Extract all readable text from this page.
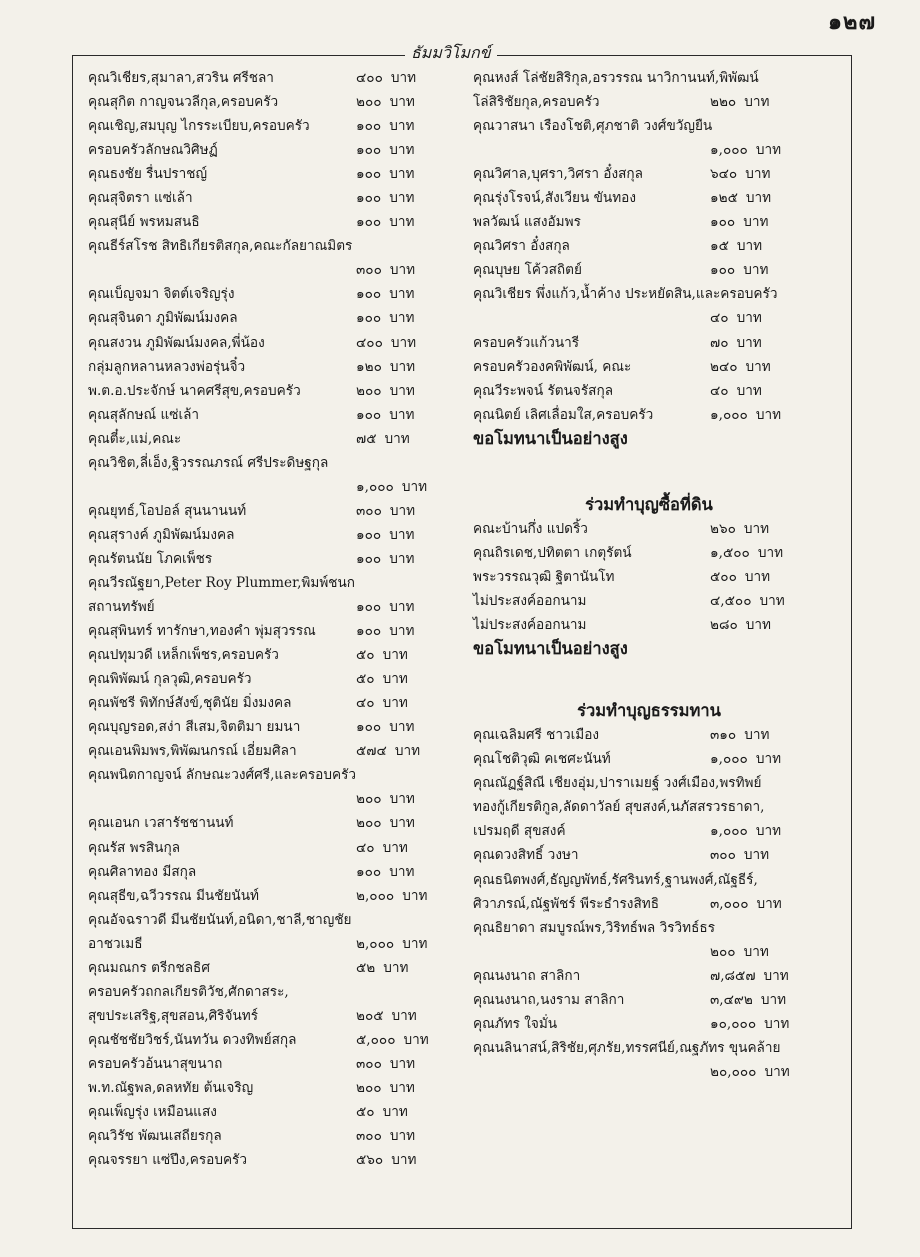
๑๒๗
ธัมมวิโมกข์
คุณวิเชียร,สุมาลา,สวริน ศรีชลา	๔๐๐ บาท
คุณสุกิต กาญจนวลีกุล,ครอบครัว	๒๐๐ บาท
คุณเชิญ,สมบุญ ไกรระเบียบ,ครอบครัว	๑๐๐ บาท
ครอบครัวลักษณวิศิษฏ์	๑๐๐ บาท
คุณธงชัย รื่นปราชญ์	๑๐๐ บาท
คุณสุจิตรา แซ่เล้า	๑๐๐ บาท
คุณสุนีย์ พรหมสนธิ	๑๐๐ บาท
คุณธีร์สโรช สิทธิเกียรติสกุล,คณะกัลยาณมิตร
๓๐๐ บาท
คุณเบ็ญจมา จิตต์เจริญรุ่ง	๑๐๐ บาท
คุณสุจินดา ภูมิพัฒน์มงคล	๑๐๐ บาท
คุณสงวน ภูมิพัฒน์มงคล,พี่น้อง	๔๐๐ บาท
กลุ่มลูกหลานหลวงพ่อรุ่นจิ๋ว	๑๒๐ บาท
พ.ต.อ.ประจักษ์ นาคศรีสุข,ครอบครัว	๒๐๐ บาท
คุณสุลักษณ์ แซ่เล้า	๑๐๐ บาท
คุณตี๋ะ,แม่,คณะ	๗๕ บาท
คุณวิชิต,ลี่เอ็ง,ฐิวรรณภรณ์ ศรีประดิษฐกุล
๑,๐๐๐ บาท
คุณยุทธ์,โอปอล์ สุนนานนท์	๓๐๐ บาท
คุณสุรางค์ ภูมิพัฒน์มงคล	๑๐๐ บาท
คุณรัตนนัย โภคเพ็ชร	๑๐๐ บาท
คุณวีรณัฐยา,Peter Roy Plummer,พิมพ์ชนก
สถานทรัพย์	๑๐๐ บาท
คุณสุพินทร์ ทารักษา,ทองคำ พุ่มสุวรรณ	๑๐๐ บาท
คุณปทุมวดี เหล็กเพ็ชร,ครอบครัว	๕๐ บาท
คุณพิพัฒน์ กุลวุฒิ,ครอบครัว	๕๐ บาท
คุณพัชรี พิทักษ์สังข์,ชุตินัย มิ่งมงคล	๔๐ บาท
คุณบุญรอด,สง่า สีเสม,จิตติมา ยมนา	๑๐๐ บาท
คุณเอนพิมพร,พิพัฒนกรณ์ เอี่ยมศิลา	๕๗๔ บาท
คุณพนิตกาญจน์ ลักษณะวงศ์ศรี,และครอบครัว
๒๐๐ บาท
คุณเอนก เวสารัชชานนท์	๒๐๐ บาท
คุณรัส พรสินกุล	๔๐ บาท
คุณศิลาทอง มีสกุล	๑๐๐ บาท
คุณสุธีข,ฉวีวรรณ มีนชัยนันท์	๒,๐๐๐ บาท
คุณอัจฉราวดี มีนชัยนันท์,อนิดา,ชาลี,ชาญชัย
อาชวเมธี	๒,๐๐๐ บาท
คุณมณกร ตรีกชลธิศ	๕๒ บาท
ครอบครัวถกลเกียรติวัช,ศักดาสระ,
สุขประเสริฐ,สุขสอน,ศิริจันทร์	๒๐๕ บาท
คุณชัชชัยวิชร์,นันทวัน ดวงทิพย์สกุล	๕,๐๐๐ บาท
ครอบครัวอ้นนาสุขนาถ	๓๐๐ บาท
พ.ท.ณัฐพล,ดลหทัย ต้นเจริญ	๒๐๐ บาท
คุณเพ็ญรุ่ง เหมือนแสง	๕๐ บาท
คุณวิรัช พัฒนเสถียรกุล	๓๐๐ บาท
คุณจรรยา แซ่ปึง,ครอบครัว	๕๖๐ บาท
คุณหงส์ โล่ชัยสิริกุล,อรวรรณ นาวิกานนท์,พิพัฒน์
โล่สิริชัยกุล,ครอบครัว	๒๒๐ บาท
คุณวาสนา เรืองโชติ,ศุภชาติ วงศ์ขวัญยืน
๑,๐๐๐ บาท
คุณวิศาล,บุศรา,วิศรา อั๋งสกุล	๖๔๐ บาท
คุณรุ่งโรจน์,สังเวียน ขันทอง	๑๒๕ บาท
พลวัฒน์ แสงอัมพร	๑๐๐ บาท
คุณวิศรา อั๋งสกุล	๑๕ บาท
คุณบุษย โค้วสถิตย์	๑๐๐ บาท
คุณวิเชียร พึ่งแก้ว,น้ำค้าง ประหยัดสิน,และครอบครัว
๔๐ บาท
ครอบครัวแก้วนารี	๗๐ บาท
ครอบครัวองคพิพัฒน์, คณะ	๒๔๐ บาท
คุณวีระพจน์ รัตนจรัสกุล	๔๐ บาท
คุณนิตย์ เลิศเลื่อมใส,ครอบครัว	๑,๐๐๐ บาท
ขอโมทนาเป็นอย่างสูง
ร่วมทำบุญซื้อที่ดิน
คณะบ้านกึ่ง แปดริ้ว	๒๖๐ บาท
คุณถิรเดช,ปทิตตา เกตุรัตน์	๑,๕๐๐ บาท
พระวรรณวุฒิ ฐิตานันโท	๕๐๐ บาท
ไม่ประสงค์ออกนาม	๔,๕๐๐ บาท
ไม่ประสงค์ออกนาม	๒๘๐ บาท
ขอโมทนาเป็นอย่างสูง
ร่วมทำบุญธรรมทาน
คุณเฉลิมศรี ชาวเมือง	๓๑๐ บาท
คุณโชติวุฒิ คเชศะนันท์	๑,๐๐๐ บาท
คุณณัฏฐ์สิณี เชียงอุ่ม,ปาราเมยฐ์ วงศ์เมือง,พรทิพย์
ทองกู้เกียรติกูล,ลัดดาวัลย์ สุขสงค์,นภัสสรวรธาดา,
เปรมฤดี สุขสงค์	๑,๐๐๐ บาท
คุณดวงสิทธิ์ วงษา	๓๐๐ บาท
คุณธนิตพงศ์,ธัญญพัทธ์,รัศรินทร์,ฐานพงศ์,ณัฐธีร์,
ศิวาภรณ์,ณัฐพัชร์ พีระธำรงสิทธิ	๓,๐๐๐ บาท
คุณธิยาดา สมบูรณ์พร,วิริทธ์พล วิรวิทธ์ธร
๒๐๐ บาท
คุณนงนาถ สาลิกา	๗,๘๕๗ บาท
คุณนงนาถ,นงราม สาลิกา	๓,๔๙๒ บาท
คุณภัทร ใจมั่น	๑๐,๐๐๐ บาท
คุณนลินาสน์,สิริชัย,ศุภรัย,ทรรศนีย์,ณฐภัทร ขุนคล้าย
๒๐,๐๐๐ บาท
